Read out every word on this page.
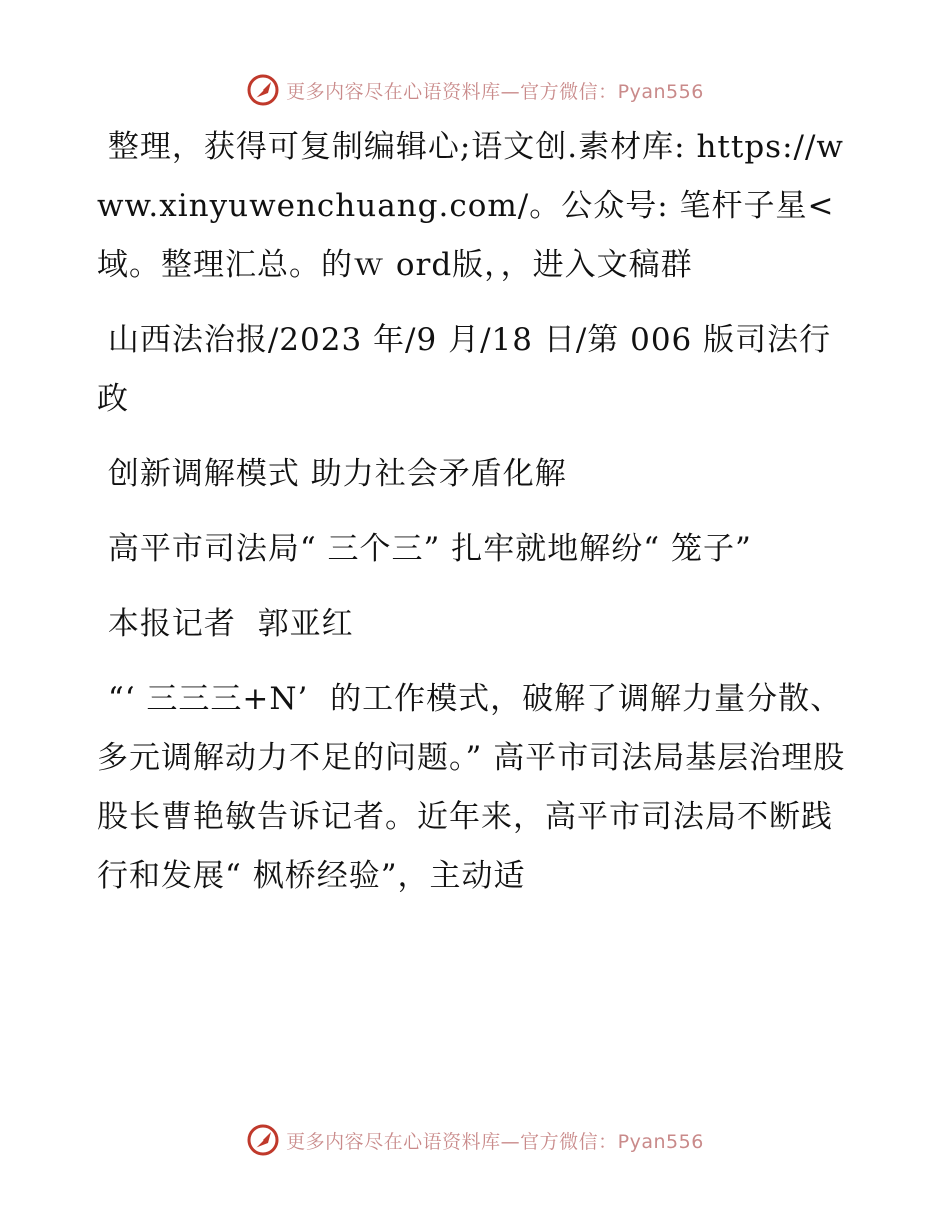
更多内容尽在心语资料库—官方微信：Pyan556

整理，获得可复制编辑心;语文创.素材库: https://www.xinyuwenchuang.com/。公众号: 笔杆子星<域。整理汇总。的ｗ ord版，，进入文稿群

山西法治报/2023 年/9 月/18 日/第 006 版司法行政

创新调解模式 助力社会矛盾化解

高平市司法局“ 三个三” 扎牢就地解纷“ 笼子”

本报记者  郭亚红

“‘ 三三三+N’  的工作模式，破解了调解力量分散、多元调解动力不足的问题。” 高平市司法局基层治理股股长曹艳敏告诉记者。近年来，高平市司法局不断践行和发展“ 枫桥经验”，主动适

更多内容尽在心语资料库—官方微信：Pyan556
